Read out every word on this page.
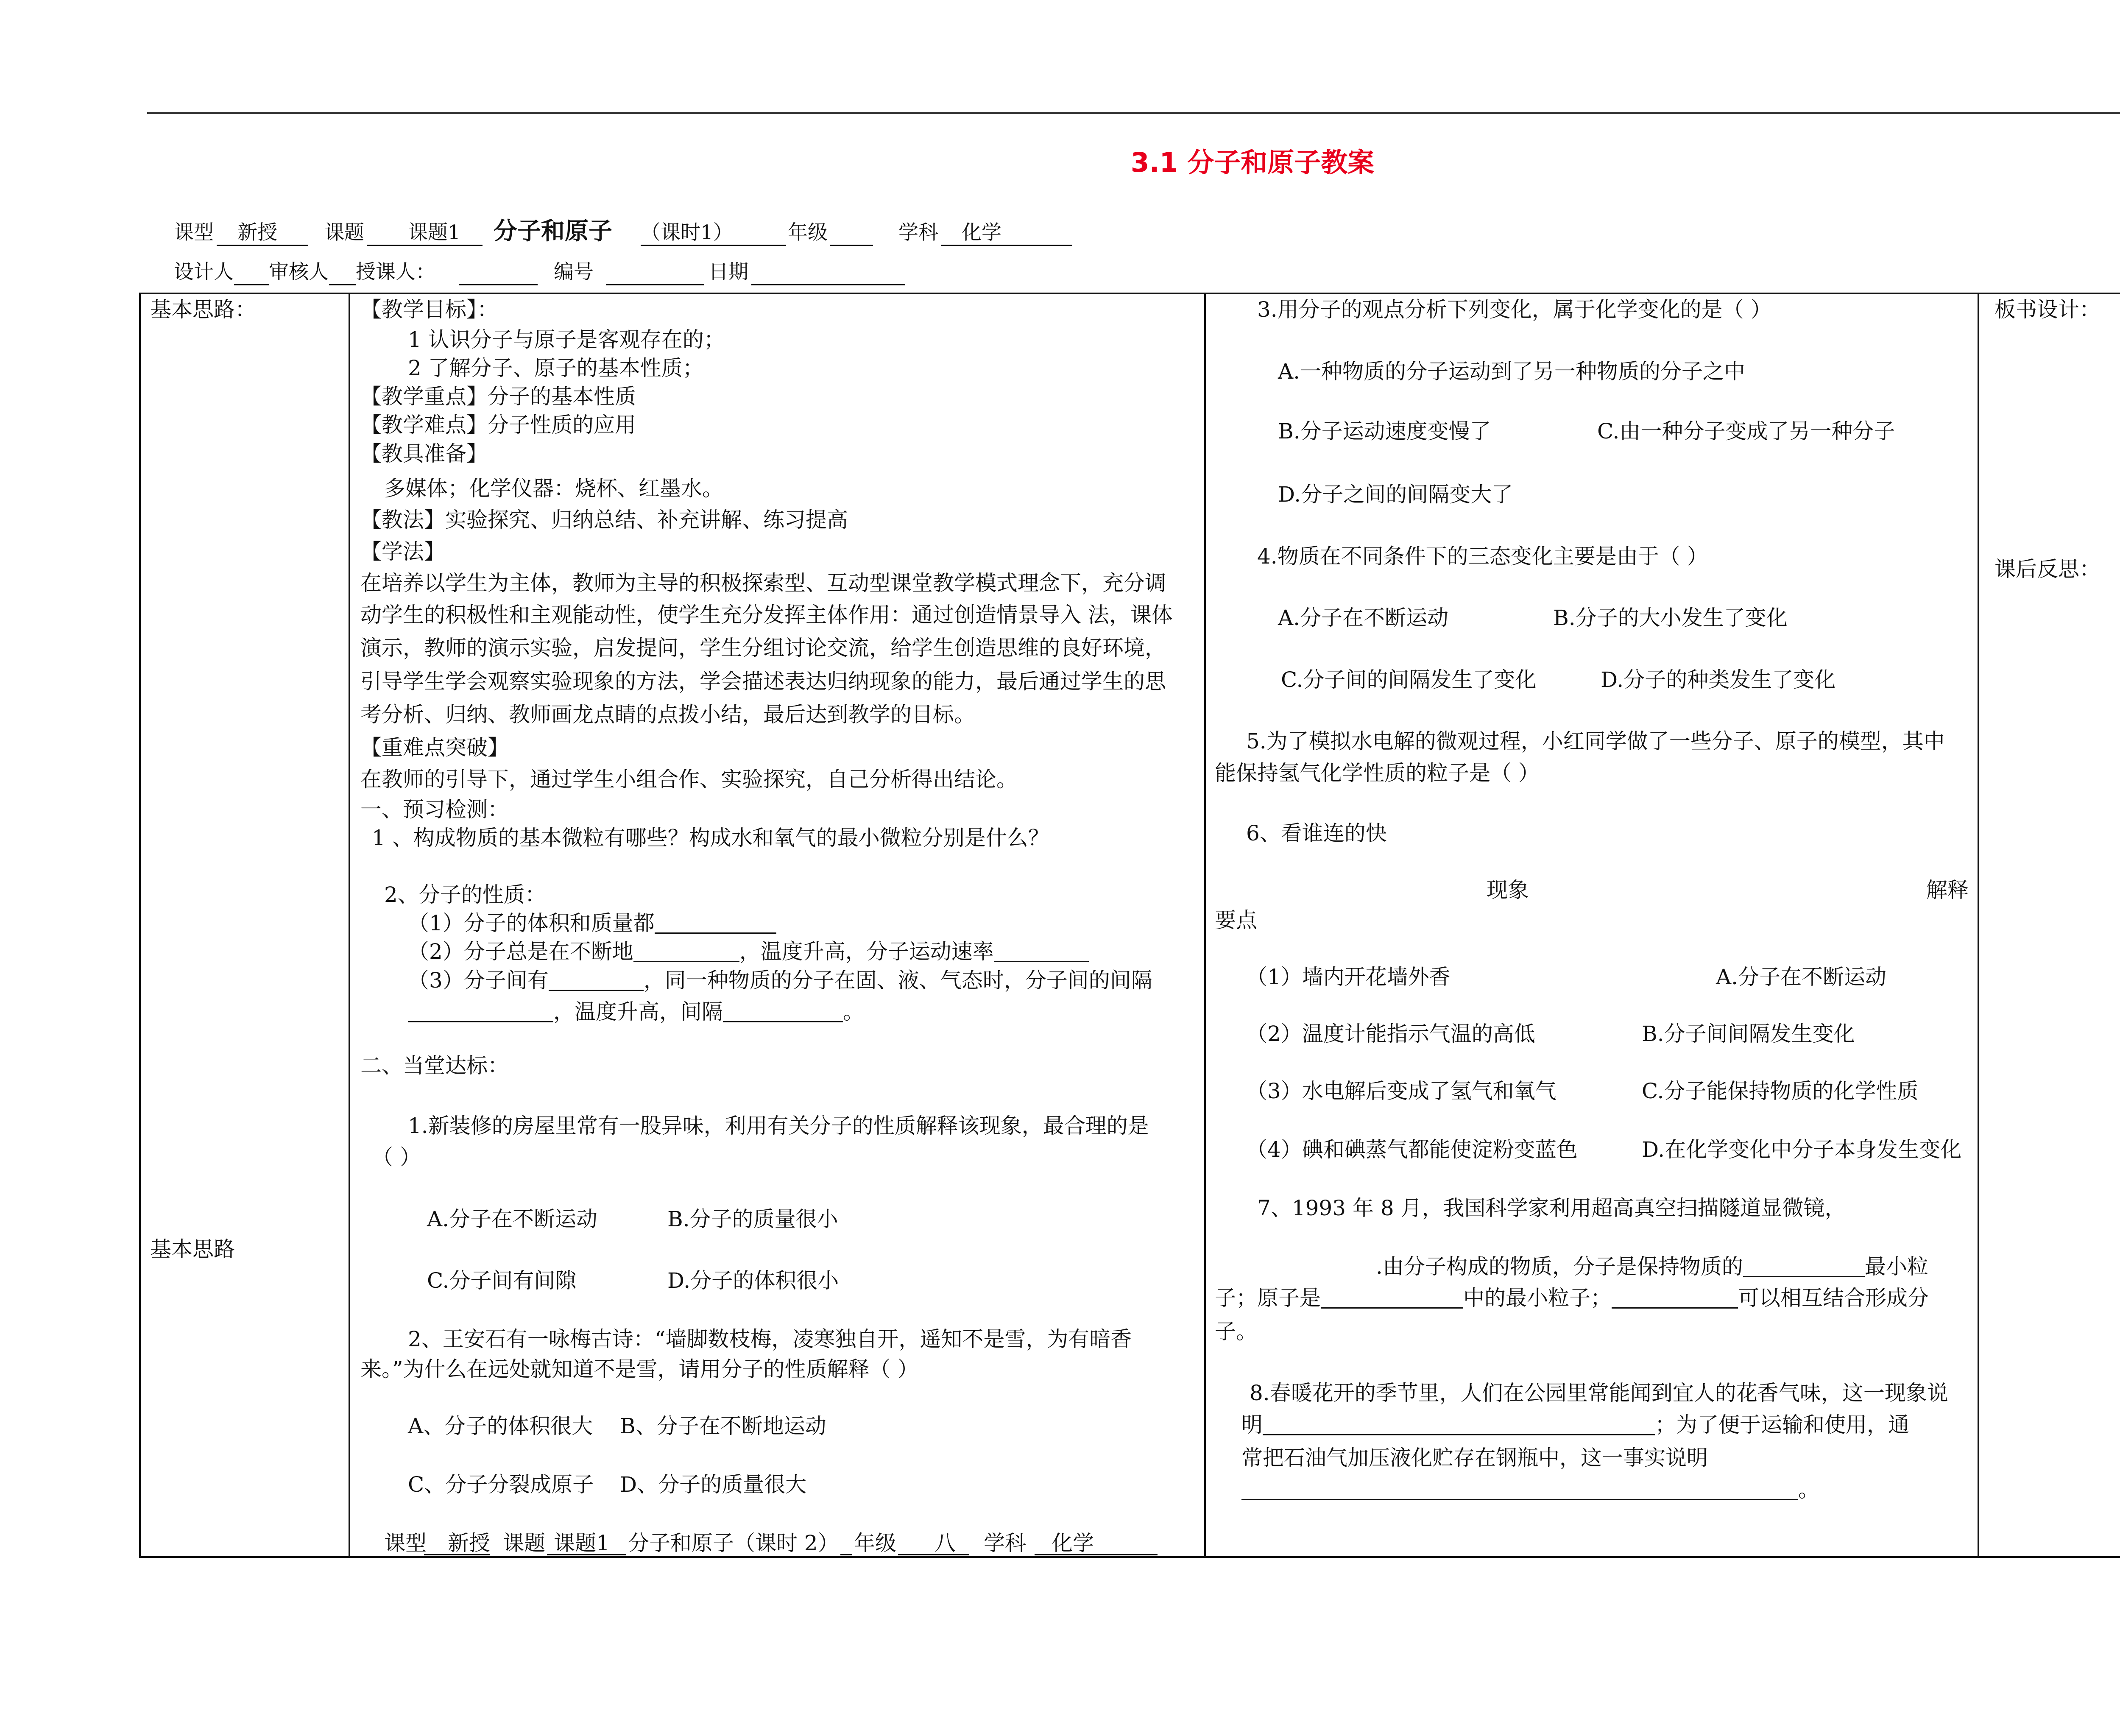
3.1 分子和原子教案
课型	新授	课题	课题1	分子和原子 （课时1）	年级	学科	化学
设计人 审核人 授课人：	编号	日期
基本思路：
基本思路
【教学目标】：
1 认识分子与原子是客观存在的；
2 了解分子、原子的基本性质；
【教学重点】分子的基本性质
【教学难点】分子性质的应用
【教具准备】
多媒体；化学仪器：烧杯、红墨水。
【教法】实验探究、归纳总结、补充讲解、练习提高
【学法】
在培养以学生为主体，教师为主导的积极探索型、互动型课堂教学模式理念下，充分调
动学生的积极性和主观能动性，使学生充分发挥主体作用：通过创造情景导入 法，课体
演示，教师的演示实验，启发提问，学生分组讨论交流，给学生创造思维的良好环境，
引导学生学会观察实验现象的方法，学会描述表达归纳现象的能力，最后通过学生的思
考分析、归纳、教师画龙点睛的点拨小结，最后达到教学的目标。
【重难点突破】
在教师的引导下，通过学生小组合作、实验探究，自己分析得出结论。
一、预习检测：
1 、构成物质的基本微粒有哪些？构成水和氧气的最小微粒分别是什么？
2、分子的性质：
（1）分子的体积和质量都
（2）分子总是在不断地	，温度升高，分子运动速率
（3）分子间有	，同一种物质的分子在固、液、气态时，分子间的间隔
，温度升高，间隔	。
二、当堂达标：
1.新装修的房屋里常有一股异味，利用有关分子的性质解释该现象，最合理的是
（ ）
A.分子在不断运动	B.分子的质量很小
C.分子间有间隙	D.分子的体积很小
2、王安石有一咏梅古诗：“墙脚数枝梅，凌寒独自开，遥知不是雪，为有暗香
来。”为什么在远处就知道不是雪，请用分子的性质解释（ ）
A、分子的体积很大 B、分子在不断地运动
C、分子分裂成原子 D、分子的质量很大
课型	新授 课题 课题1 分子和原子（课时 2） 年级	八	学科	化学
3.用分子的观点分析下列变化，属于化学变化的是（ ）
A.一种物质的分子运动到了另一种物质的分子之中
B.分子运动速度变慢了	C.由一种分子变成了另一种分子
D.分子之间的间隔变大了
4.物质在不同条件下的三态变化主要是由于（ ）
A.分子在不断运动	B.分子的大小发生了变化
C.分子间的间隔发生了变化	D.分子的种类发生了变化
5.为了模拟水电解的微观过程，小红同学做了一些分子、原子的模型，其中
能保持氢气化学性质的粒子是（ ）
6、看谁连的快
现象	解释
要点
（1）墙内开花墙外香	A.分子在不断运动
（2）温度计能指示气温的高低	B.分子间间隔发生变化
（3）水电解后变成了氢气和氧气	C.分子能保持物质的化学性质
（4）碘和碘蒸气都能使淀粉变蓝色	D.在化学变化中分子本身发生变化
7、1993 年 8 月，我国科学家利用超高真空扫描隧道显微镜，
.由分子构成的物质，分子是保持物质的	最小粒
子；原子是	中的最小粒子；	可以相互结合形成分
子。
8.春暖花开的季节里，人们在公园里常能闻到宜人的花香气味，这一现象说
明	；为了便于运输和使用，通
常把石油气加压液化贮存在钢瓶中，这一事实说明
。
板书设计：
课后反思：
